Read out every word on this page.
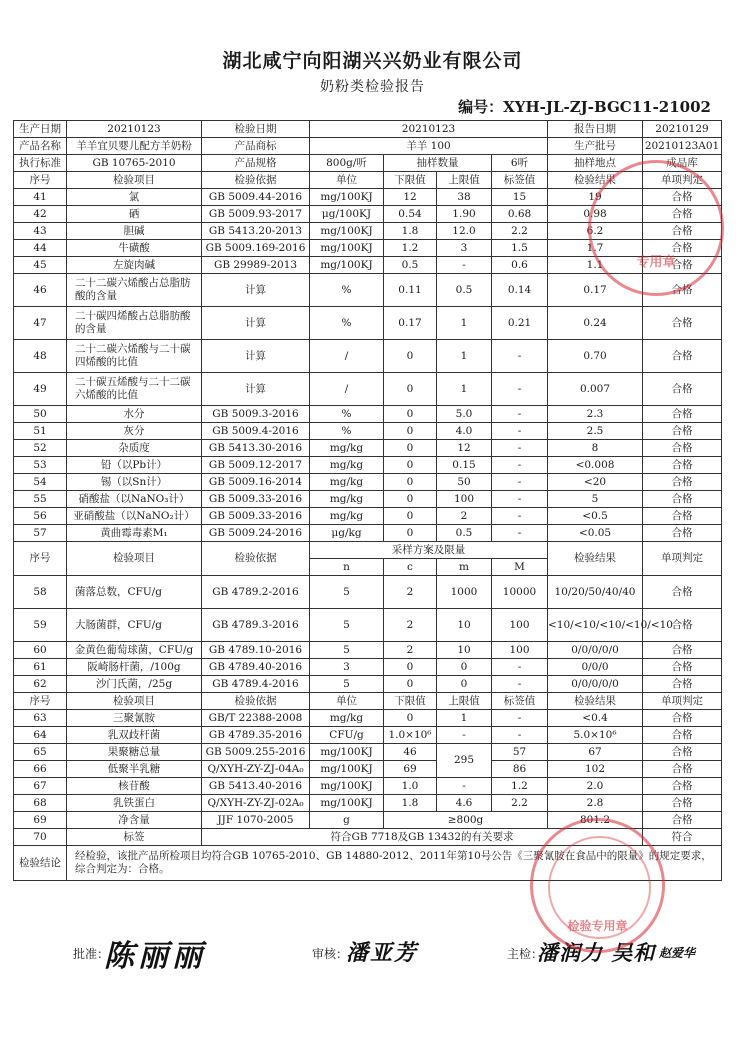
湖北咸宁向阳湖兴兴奶业有限公司
奶粉类检验报告
编号：XYH-JL-ZJ-BGC11-21002
生产日期	20210123	检验日期	20210123				报告日期	20210129
产品名称	羊羊宜贝婴儿配方羊奶粉	产品商标	羊羊 100				生产批号	20210123A01
执行标准	GB 10765-2010	产品规格	800g/听	抽样数量		6听	抽样地点	成品库
序号	检验项目	检验依据	单位	下限值	上限值	标签值	检验结果	单项判定
41	氯	GB 5009.44-2016	mg/100KJ	12	38	15	19	合格
42	硒	GB 5009.93-2017	μg/100KJ	0.54	1.90	0.68	0.98	合格
43	胆碱	GB 5413.20-2013	mg/100KJ	1.8	12.0	2.2	6.2	合格
44	牛磺酸	GB 5009.169-2016	mg/100KJ	1.2	3	1.5	1.7	合格
45	左旋肉碱	GB 29989-2013	mg/100KJ	0.5	-	0.6	1.1	合格
46	二十二碳六烯酸占总脂肪酸的含量	计算	%	0.11	0.5	0.14	0.17	合格
47	二十碳四烯酸占总脂肪酸的含量	计算	%	0.17	1	0.21	0.24	合格
48	二十二碳六烯酸与二十碳四烯酸的比值	计算	/	0	1	-	0.70	合格
49	二十碳五烯酸与二十二碳六烯酸的比值	计算	/	0	1	-	0.007	合格
50	水分	GB 5009.3-2016	%	0	5.0	-	2.3	合格
51	灰分	GB 5009.4-2016	%	0	4.0	-	2.5	合格
52	杂质度	GB 5413.30-2016	mg/kg	0	12	-	8	合格
53	铅（以Pb计）	GB 5009.12-2017	mg/kg	0	0.15	-	<0.008	合格
54	锡（以Sn计）	GB 5009.16-2014	mg/kg	0	50	-	<20	合格
55	硝酸盐（以NaNO₃计）	GB 5009.33-2016	mg/kg	0	100	-	5	合格
56	亚硝酸盐（以NaNO₂计）	GB 5009.33-2016	mg/kg	0	2	-	<0.5	合格
57	黄曲霉毒素M₁	GB 5009.24-2016	μg/kg	0	0.5	-	<0.05	合格
序号	检验项目	检验依据	采样方案及限量				检验结果	单项判定
			n	c	m	M		
58	菌落总数，CFU/g	GB 4789.2-2016	5	2	1000	10000	10/20/50/40/40	合格
59	大肠菌群，CFU/g	GB 4789.3-2016	5	2	10	100	<10/<10/<10/<10/<10	合格
60	金黄色葡萄球菌，CFU/g	GB 4789.10-2016	5	2	10	100	0/0/0/0/0	合格
61	阪崎肠杆菌，/100g	GB 4789.40-2016	3	0	0	-	0/0/0	合格
62	沙门氏菌，/25g	GB 4789.4-2016	5	0	0	-	0/0/0/0/0	合格
序号	检验项目	检验依据	单位	下限值	上限值	标签值	检验结果	单项判定
63	三聚氰胺	GB/T 22388-2008	mg/kg	0	1	-	<0.4	合格
64	乳双歧杆菌	GB 4789.35-2016	CFU/g	1.0×10⁶	-	-	5.0×10⁶	合格
65	果聚糖总量	GB 5009.255-2016	mg/100KJ	46	295	57	67	合格
66	低聚半乳糖	Q/XYH-ZY-ZJ-04A₀	mg/100KJ	69		86	102	合格
67	核苷酸	GB 5413.40-2016	mg/100KJ	1.0	-	1.2	2.0	合格
68	乳铁蛋白	Q/XYH-ZY-ZJ-02A₀	mg/100KJ	1.8	4.6	2.2	2.8	合格
69	净含量	JJF 1070-2005	g	≥800g			801.2	合格
70	标签	符合GB 7718及GB 13432的有关要求						符合
检验结论	经检验，该批产品所检项目均符合GB 10765-2010、GB 14880-2012、2011年第10号公告《三聚氰胺在食品中的限量》的规定要求，综合判定为：合格。							
批准：
陈丽丽	审核：
潘亚芳	主检：
潘润力 吴和 赵爱华
专用章
检验专用章
